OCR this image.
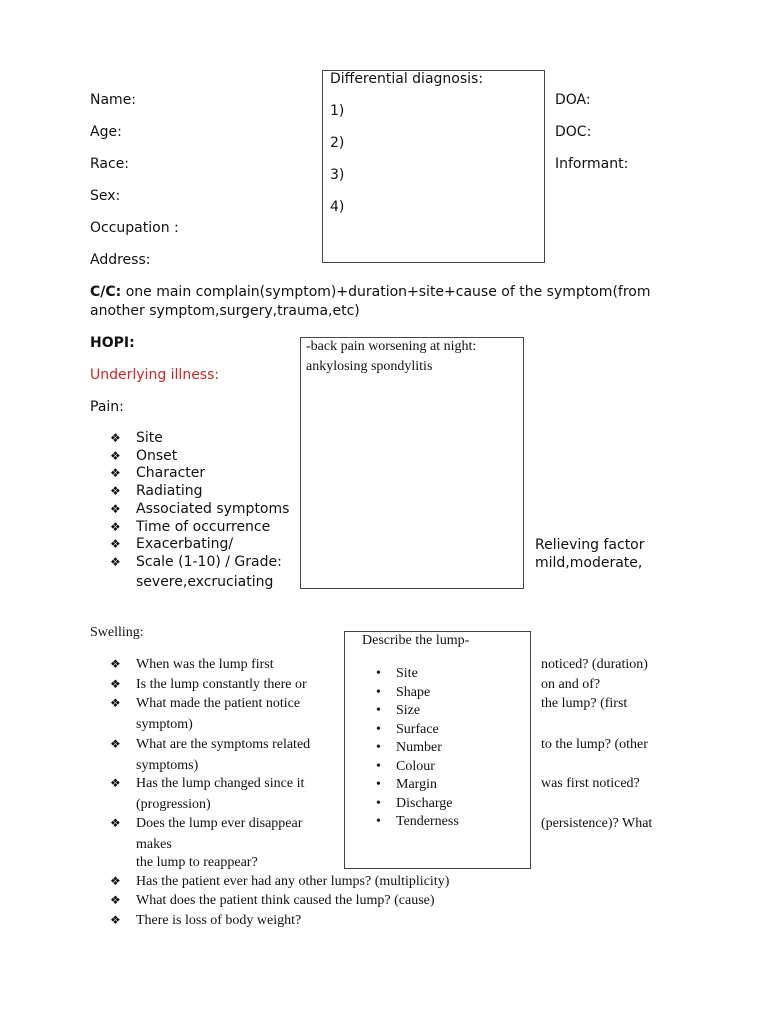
Differential diagnosis:
1)
2)
3)
4)
Name:
Age:
Race:
Sex:
Occupation :
Address:
DOA:
DOC:
Informant:
C/C: one main complain(symptom)+duration+site+cause of the symptom(from
another symptom,surgery,trauma,etc)
HOPI:
Underlying illness:
Pain:
❖ Site
❖ Onset
❖ Character
❖ Radiating
❖ Associated symptoms
❖ Time of occurrence
❖ Exacerbating/
❖ Scale (1-10) / Grade:
severe,excruciating
-back pain worsening at night:
ankylosing spondylitis
Relieving factor
mild,moderate,
Swelling:
❖ When was the lump first
❖ Is the lump constantly there or
❖ What made the patient notice
symptom)
❖ What are the symptoms related
symptoms)
❖ Has the lump changed since it
(progression)
❖ Does the lump ever disappear
makes
the lump to reappear?
❖ Has the patient ever had any other lumps? (multiplicity)
❖ What does the patient think caused the lump? (cause)
❖ There is loss of body weight?
noticed? (duration)
on and of?
the lump? (first
to the lump? (other
was first noticed?
(persistence)? What
Describe the lump-
• Site
• Shape
• Size
• Surface
• Number
• Colour
• Margin
• Discharge
• Tenderness
